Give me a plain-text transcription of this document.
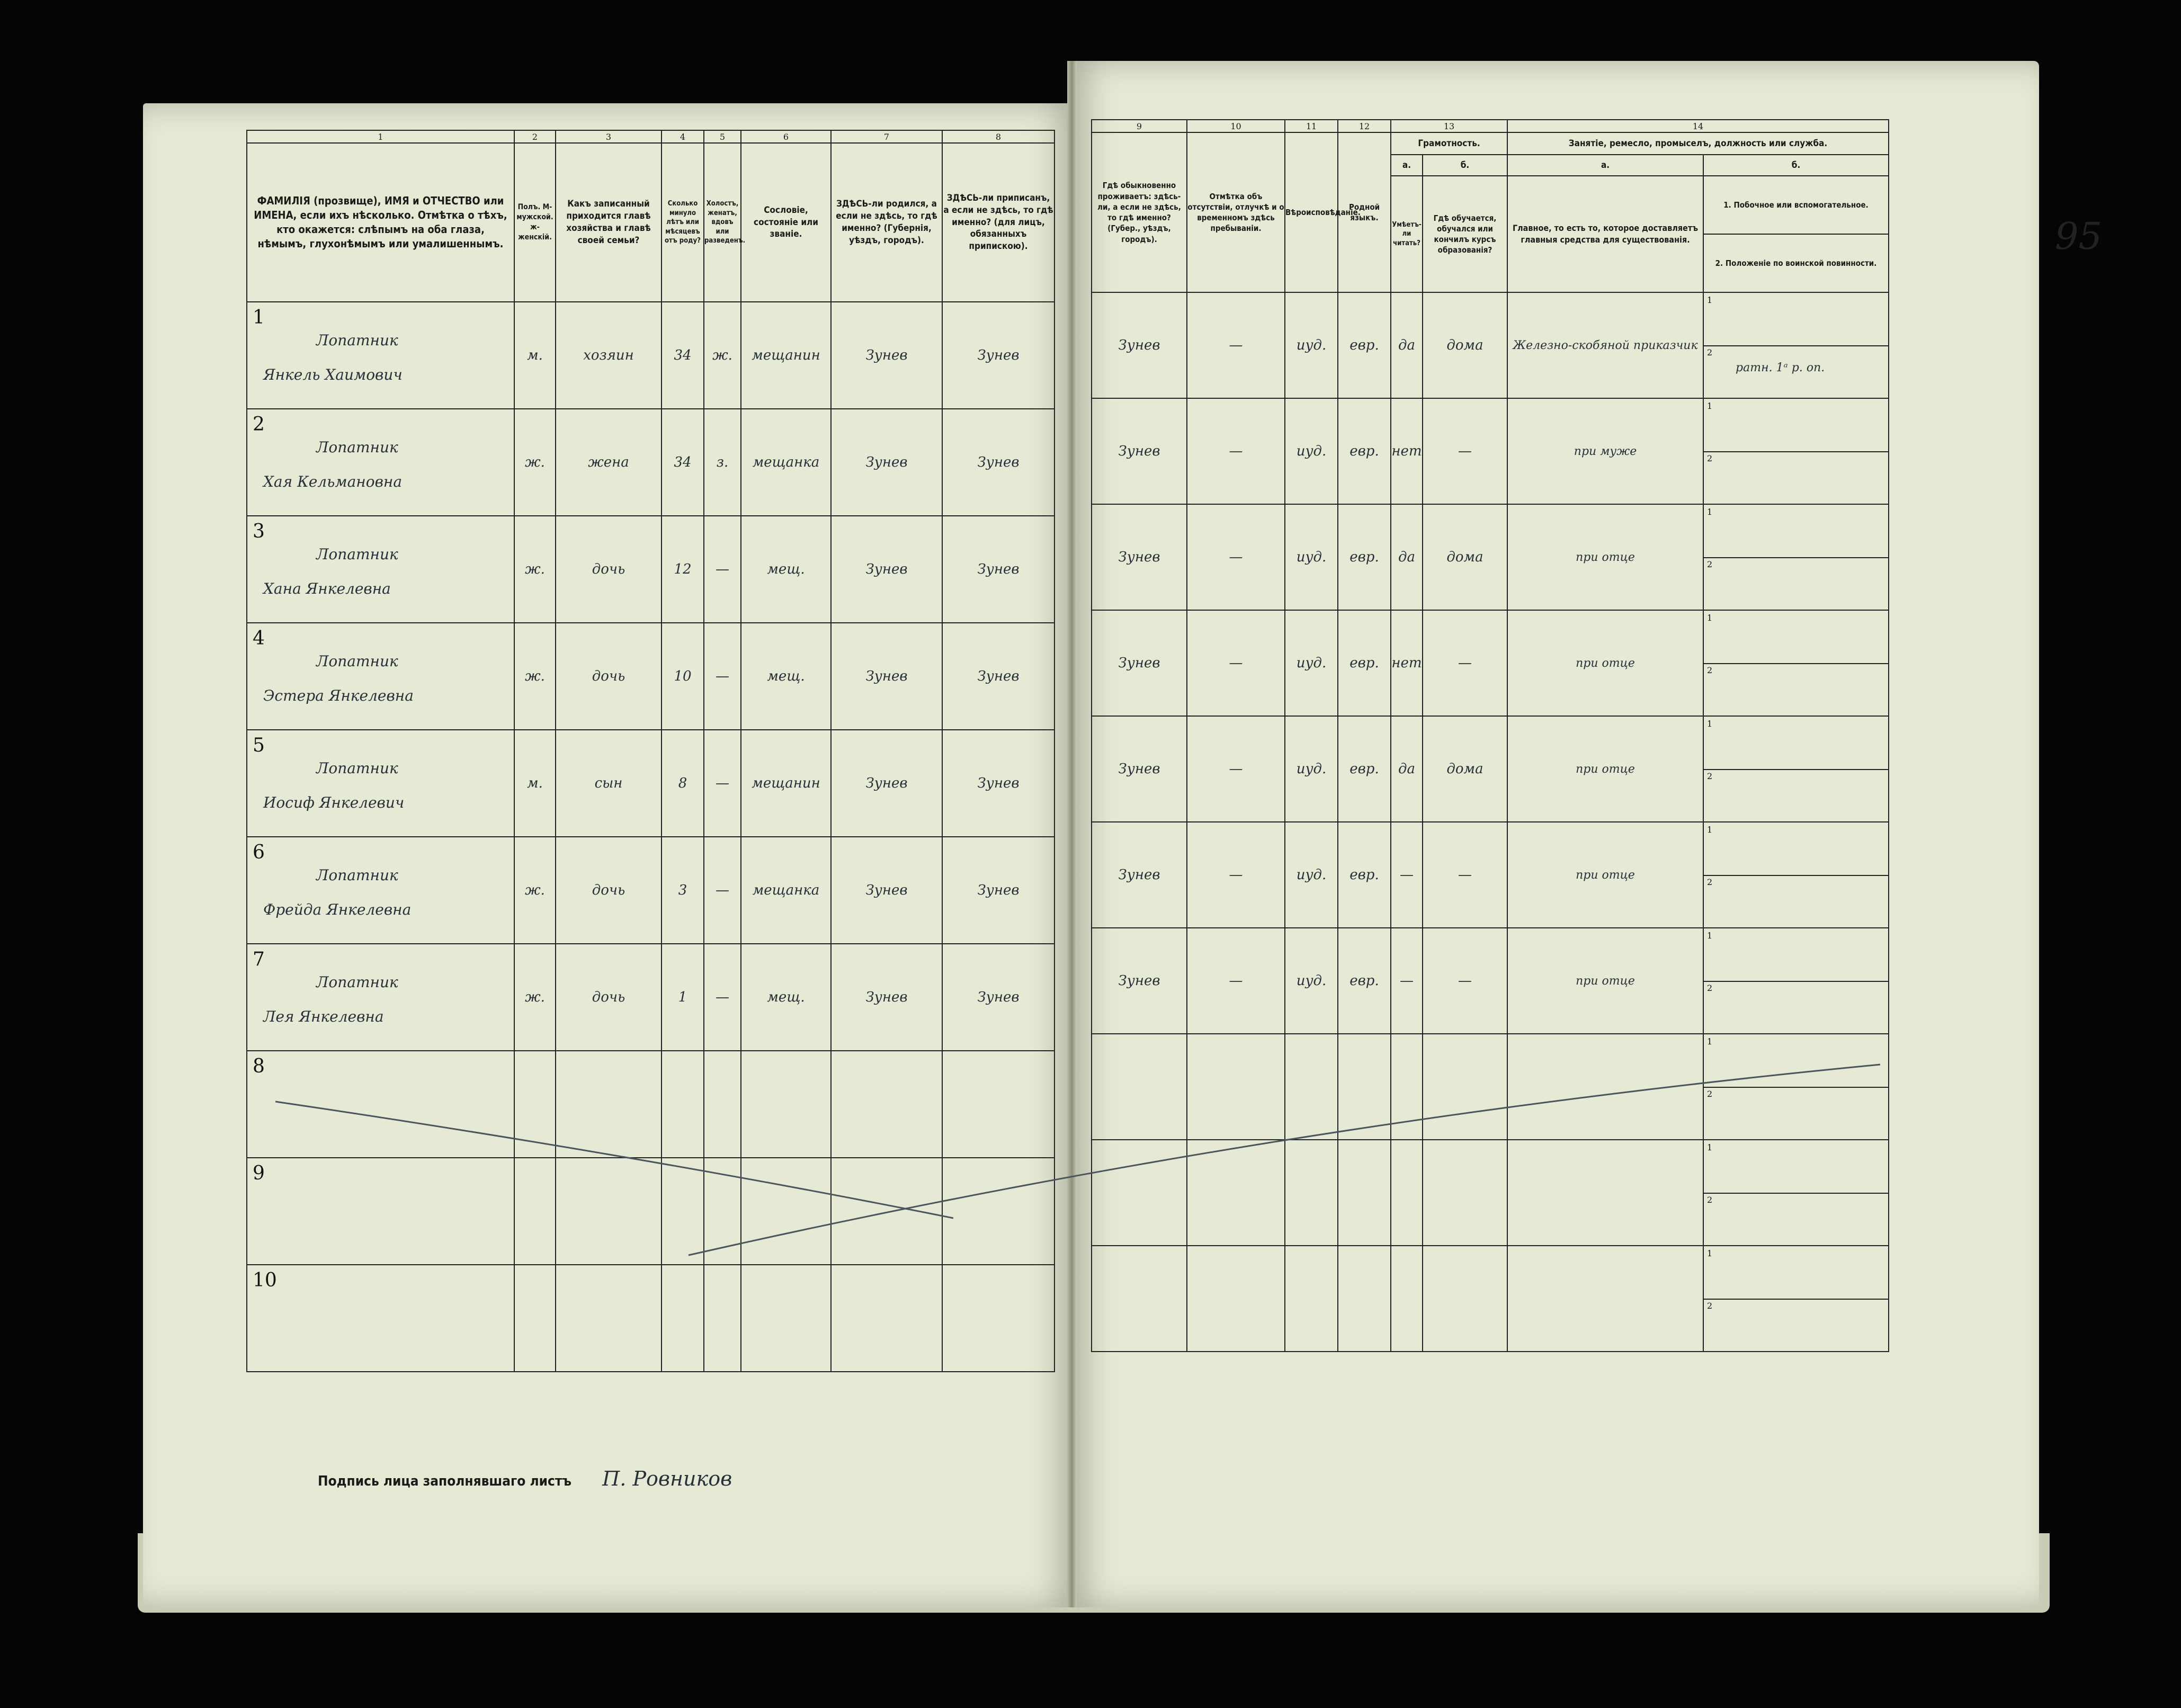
1	2	3	4	5	6	7	8
ФАМИЛІЯ (прозвище), ИМЯ и ОТЧЕСТВО или ИМЕНА, если ихъ нѣсколько. Отмѣтка о тѣхъ, кто окажется: слѣпымъ на оба глаза, нѣмымъ, глухонѣмымъ или умалишеннымъ.	Полъ. М-мужской. ж-женскій.	Какъ записанный приходится главѣ хозяйства и главѣ своей семьи?	Сколько минуло лѣтъ или мѣсяцевъ отъ роду?	Холостъ, женатъ, вдовъ или разведенъ.	Сословіе, состояніе или званіе.	ЗДѢСЬ-ли родился, а если не здѣсь, то гдѣ именно? (Губернія, уѣздъ, городъ).	ЗДѢСЬ-ли приписанъ, а если не здѣсь, то гдѣ именно? (для лицъ, обязанныхъ припискою).

1
Лопатник
Янкель Хаимович	м.	хозяин	34	ж.	мещанин	Зунев	Зунев

2
Лопатник
Хая Кельмановна	ж.	жена	34	з.	мещанка	Зунев	Зунев

3
Лопатник
Хана Янкелевна	ж.	дочь	12	—	мещ.	Зунев	Зунев

4
Лопатник
Эстера Янкелевна	ж.	дочь	10	—	мещ.	Зунев	Зунев

5
Лопатник
Иосиф Янкелевич	м.	сын	8	—	мещанин	Зунев	Зунев

6
Лопатник
Фрейда Янкелевна	ж.	дочь	3	—	мещанка	Зунев	Зунев

7
Лопатник
Лея Янкелевна	ж.	дочь	1	—	мещ.	Зунев	Зунев

8							

9							

10							

9	10	11	12	13		14	
Гдѣ обыкновенно проживаетъ: здѣсь-ли, а если не здѣсь, то гдѣ именно? (Губер., уѣздъ, городъ).	Отмѣтка объ отсутствіи, отлучкѣ и о временномъ здѣсь пребываніи.	Вѣроисповѣданіе.	Родной языкъ.	Грамотность.		Занятіе, ремесло, промыселъ, должность или служба.	
				а.	б.	а.	б.
				Умѣетъ-ли читать?	Гдѣ обучается, обучался или кончилъ курсъ образованія?	Главное, то есть то, которое доставляетъ главныя средства для существованія.	1. Побочное или вспомогательное.
2. Положеніе по воинской повинности.

Зунев	—	иуд.	евр.	да	дома	Железно-скобяной приказчик	1
2
ратн. 1ᵃ р. оп.

Зунев	—	иуд.	евр.	нет	—	при муже	1
2

Зунев	—	иуд.	евр.	да	дома	при отце	1
2

Зунев	—	иуд.	евр.	нет	—	при отце	1
2

Зунев	—	иуд.	евр.	да	дома	при отце	1
2

Зунев	—	иуд.	евр.	—	—	при отце	1
2

Зунев	—	иуд.	евр.	—	—	при отце	1
2

							1
2

							1
2

							1
2
95
Подпись лица заполнявшаго листъ П. Ровников
